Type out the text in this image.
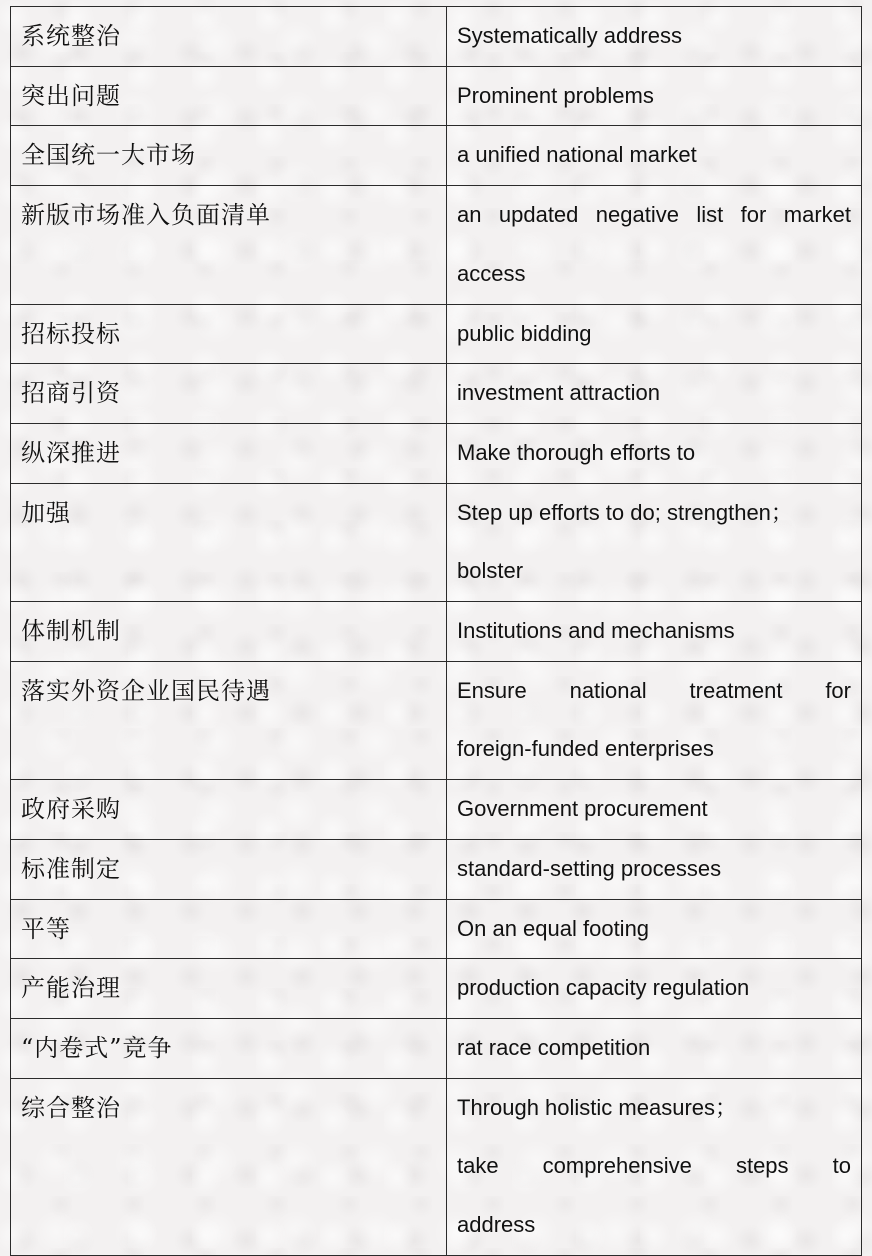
系统整治	Systematically address

突出问题	Prominent problems

全国统一大市场	a unified national market

新版市场准入负面清单	an updated negative list for market
access

招标投标	public bidding

招商引资	investment attraction

纵深推进	Make thorough efforts to

加强	Step up efforts to do; strengthen；
bolster

体制机制	Institutions and mechanisms

落实外资企业国民待遇	Ensure national treatment for
foreign-funded enterprises

政府采购	Government procurement

标准制定	standard-setting processes

平等	On an equal footing

产能治理	production capacity regulation

“内卷式”竞争	rat race competition

综合整治	Through holistic measures；
take comprehensive steps to
address
